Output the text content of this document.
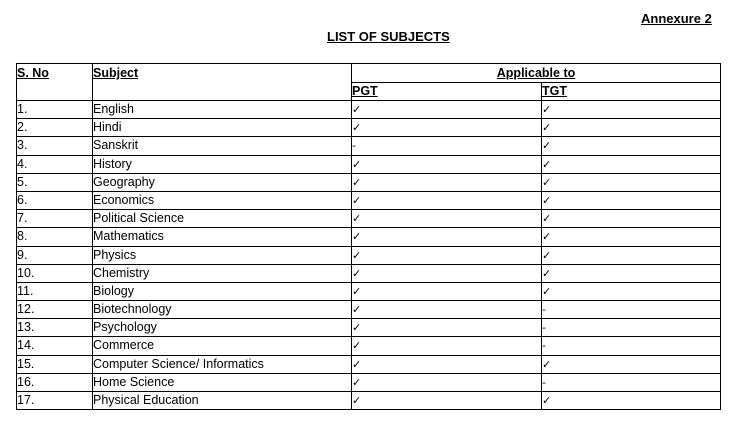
Annexure 2
LIST OF SUBJECTS
S. No	Subject	Applicable to	
		PGT	TGT
1.	English	✓	✓
2.	Hindi	✓	✓
3.	Sanskrit	-	✓
4.	History	✓	✓
5.	Geography	✓	✓
6.	Economics	✓	✓
7.	Political Science	✓	✓
8.	Mathematics	✓	✓
9.	Physics	✓	✓
10.	Chemistry	✓	✓
11.	Biology	✓	✓
12.	Biotechnology	✓	-
13.	Psychology	✓	-
14.	Commerce	✓	-
15.	Computer Science/ Informatics	✓	✓
16.	Home Science	✓	-
17.	Physical Education	✓	✓
